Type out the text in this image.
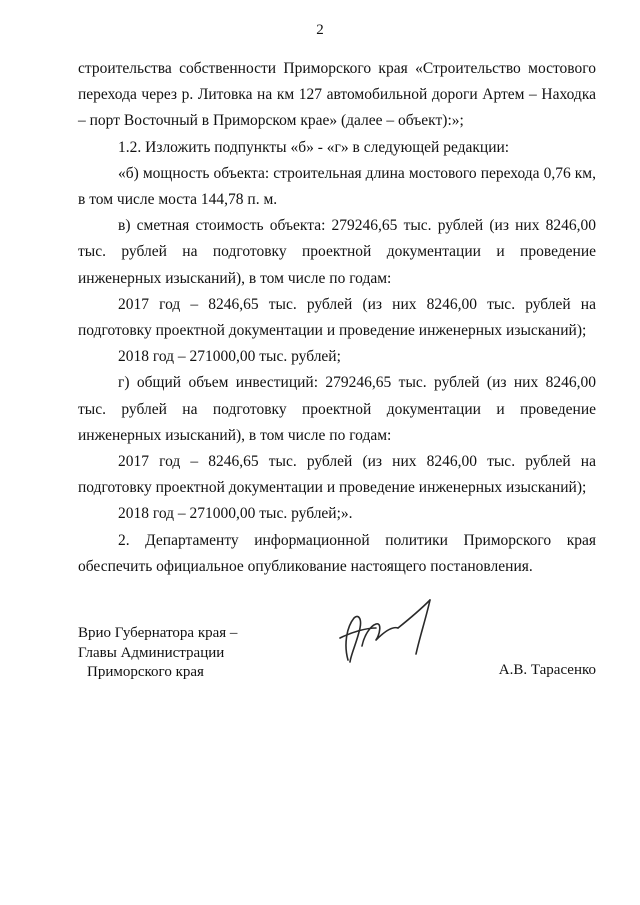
2

строительства собственности Приморского края «Строительство мостового перехода через р. Литовка на км 127 автомобильной дороги Артем – Находка – порт Восточный в Приморском крае» (далее – объект):»;

1.2. Изложить подпункты «б» - «г» в следующей редакции:

«б) мощность объекта: строительная длина мостового перехода 0,76 км, в том числе моста 144,78 п. м.

в) сметная стоимость объекта: 279246,65 тыс. рублей (из них 8246,00 тыс. рублей на подготовку проектной документации и проведение инженерных изысканий), в том числе по годам:

2017 год – 8246,65 тыс. рублей (из них 8246,00 тыс. рублей на подготовку проектной документации и проведение инженерных изысканий);

2018 год – 271000,00 тыс. рублей;

г) общий объем инвестиций: 279246,65 тыс. рублей (из них 8246,00 тыс. рублей на подготовку проектной документации и проведение инженерных изысканий), в том числе по годам:

2017 год – 8246,65 тыс. рублей (из них 8246,00 тыс. рублей на подготовку проектной документации и проведение инженерных изысканий);

2018 год – 271000,00 тыс. рублей;».

2. Департаменту информационной политики Приморского края обеспечить официальное опубликование настоящего постановления.

Врио Губернатора края –
Главы Администрации
Приморского края	А.В. Тарасенко
